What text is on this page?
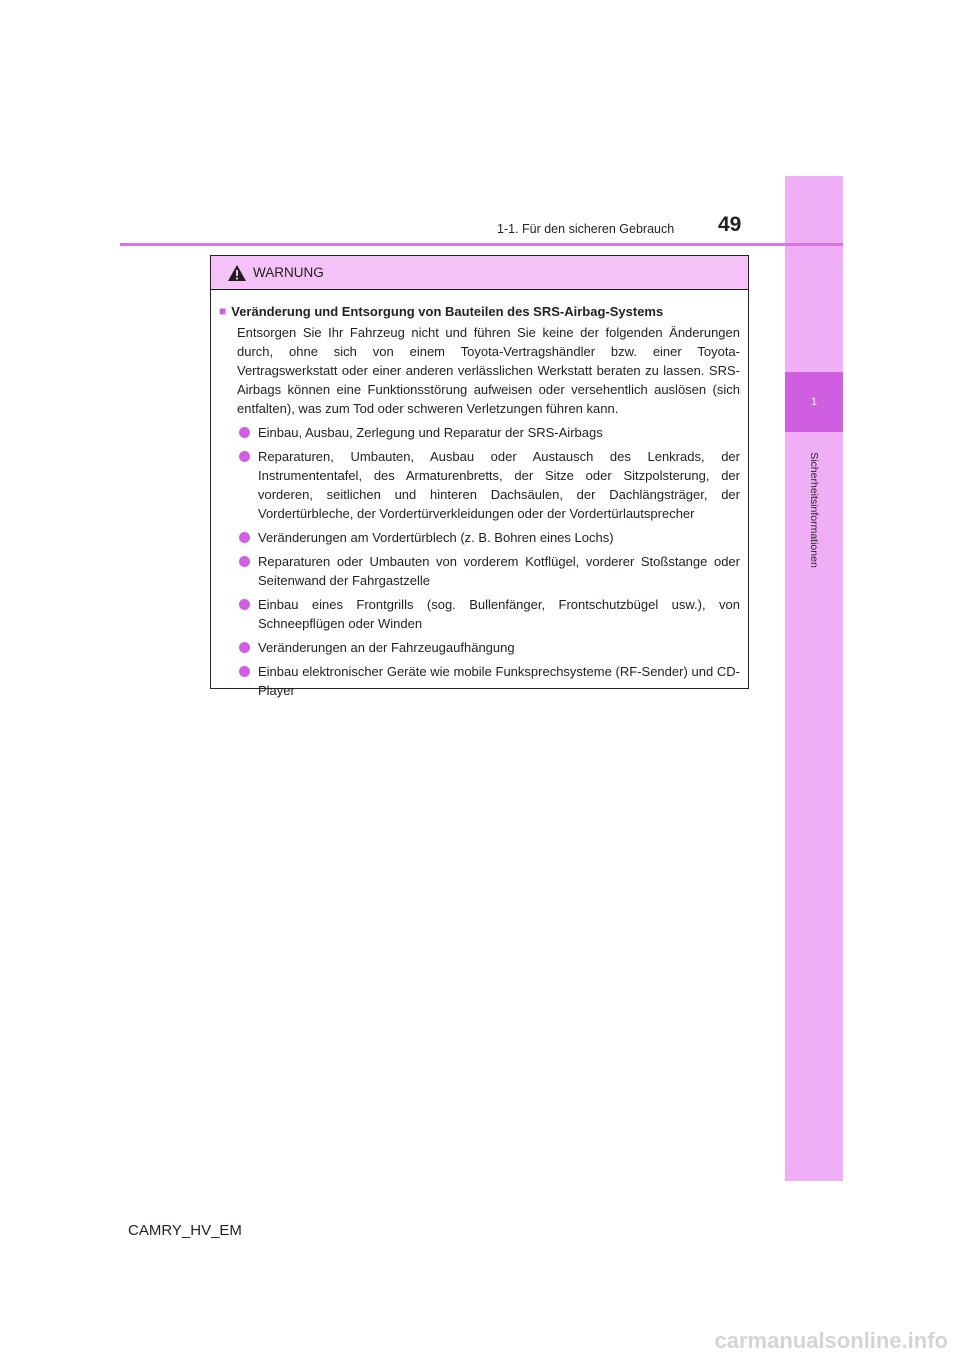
1
Sicherheitsinformationen
1-1. Für den sicheren Gebrauch 49
WARNUNG
■ Veränderung und Entsorgung von Bauteilen des SRS-Airbag-Systems
Entsorgen Sie Ihr Fahrzeug nicht und führen Sie keine der folgenden Änderungen durch, ohne sich von einem Toyota-Vertragshändler bzw. einer Toyota-Vertragswerkstatt oder einer anderen verlässlichen Werkstatt beraten zu lassen. SRS-Airbags können eine Funktionsstörung aufweisen oder versehentlich auslösen (sich entfalten), was zum Tod oder schweren Verletzungen führen kann.
Einbau, Ausbau, Zerlegung und Reparatur der SRS-Airbags
Reparaturen, Umbauten, Ausbau oder Austausch des Lenkrads, der Instrumententafel, des Armaturenbretts, der Sitze oder Sitzpolsterung, der vorderen, seitlichen und hinteren Dachsäulen, der Dachlängsträger, der Vordertürbleche, der Vordertürverkleidungen oder der Vordertürlautsprecher
Veränderungen am Vordertürblech (z. B. Bohren eines Lochs)
Reparaturen oder Umbauten von vorderem Kotflügel, vorderer Stoßstange oder Seitenwand der Fahrgastzelle
Einbau eines Frontgrills (sog. Bullenfänger, Frontschutzbügel usw.), von Schneepflügen oder Winden
Veränderungen an der Fahrzeugaufhängung
Einbau elektronischer Geräte wie mobile Funksprechsysteme (RF-Sender) und CD-Player
CAMRY_HV_EM
carmanualsonline.info
